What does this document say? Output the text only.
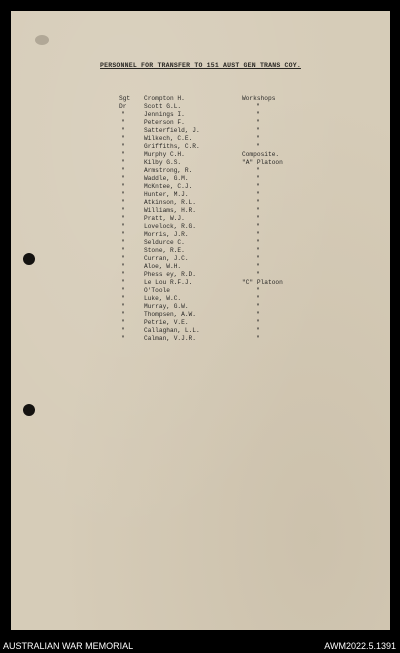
PERSONNEL FOR TRANSFER TO 151 AUST GEN TRANS COY.
Sgt	Crompton H.	Workshops
Dr	Scott G.L.	"
"	Jennings I.	"
"	Peterson F.	"
"	Satterfield, J.	"
"	Wilkech, C.E.	"
"	Griffiths, C.R.	"
"	Murphy C.H.	Composite.
"	Kilby G.S.	"A" Platoon
"	Armstrong, R.	"
"	Waddle, G.M.	"
"	McKntee, C.J.	"
"	Hunter, M.J.	"
"	Atkinson, R.L.	"
"	Williams, H.R.	"
"	Pratt, W.J.	"
"	Lovelock, R.G.	"
"	Morris, J.R.	"
"	Seldurce C.	"
"	Stone, R.E.	"
"	Curran, J.C.	"
"	Aloe, W.H.	"
"	Phess ey, R.D.	"
"	Le Lou R.F.J.	"C" Platoon
"	O'Toole	"
"	Luke, W.C.	"
"	Murray, G.W.	"
"	Thompsen, A.W.	"
"	Petrie, V.E.	"
"	Callaghan, L.L.	"
"	Calman, V.J.R.	"
AUSTRALIAN WAR MEMORIAL	AWM2022.5.1391
